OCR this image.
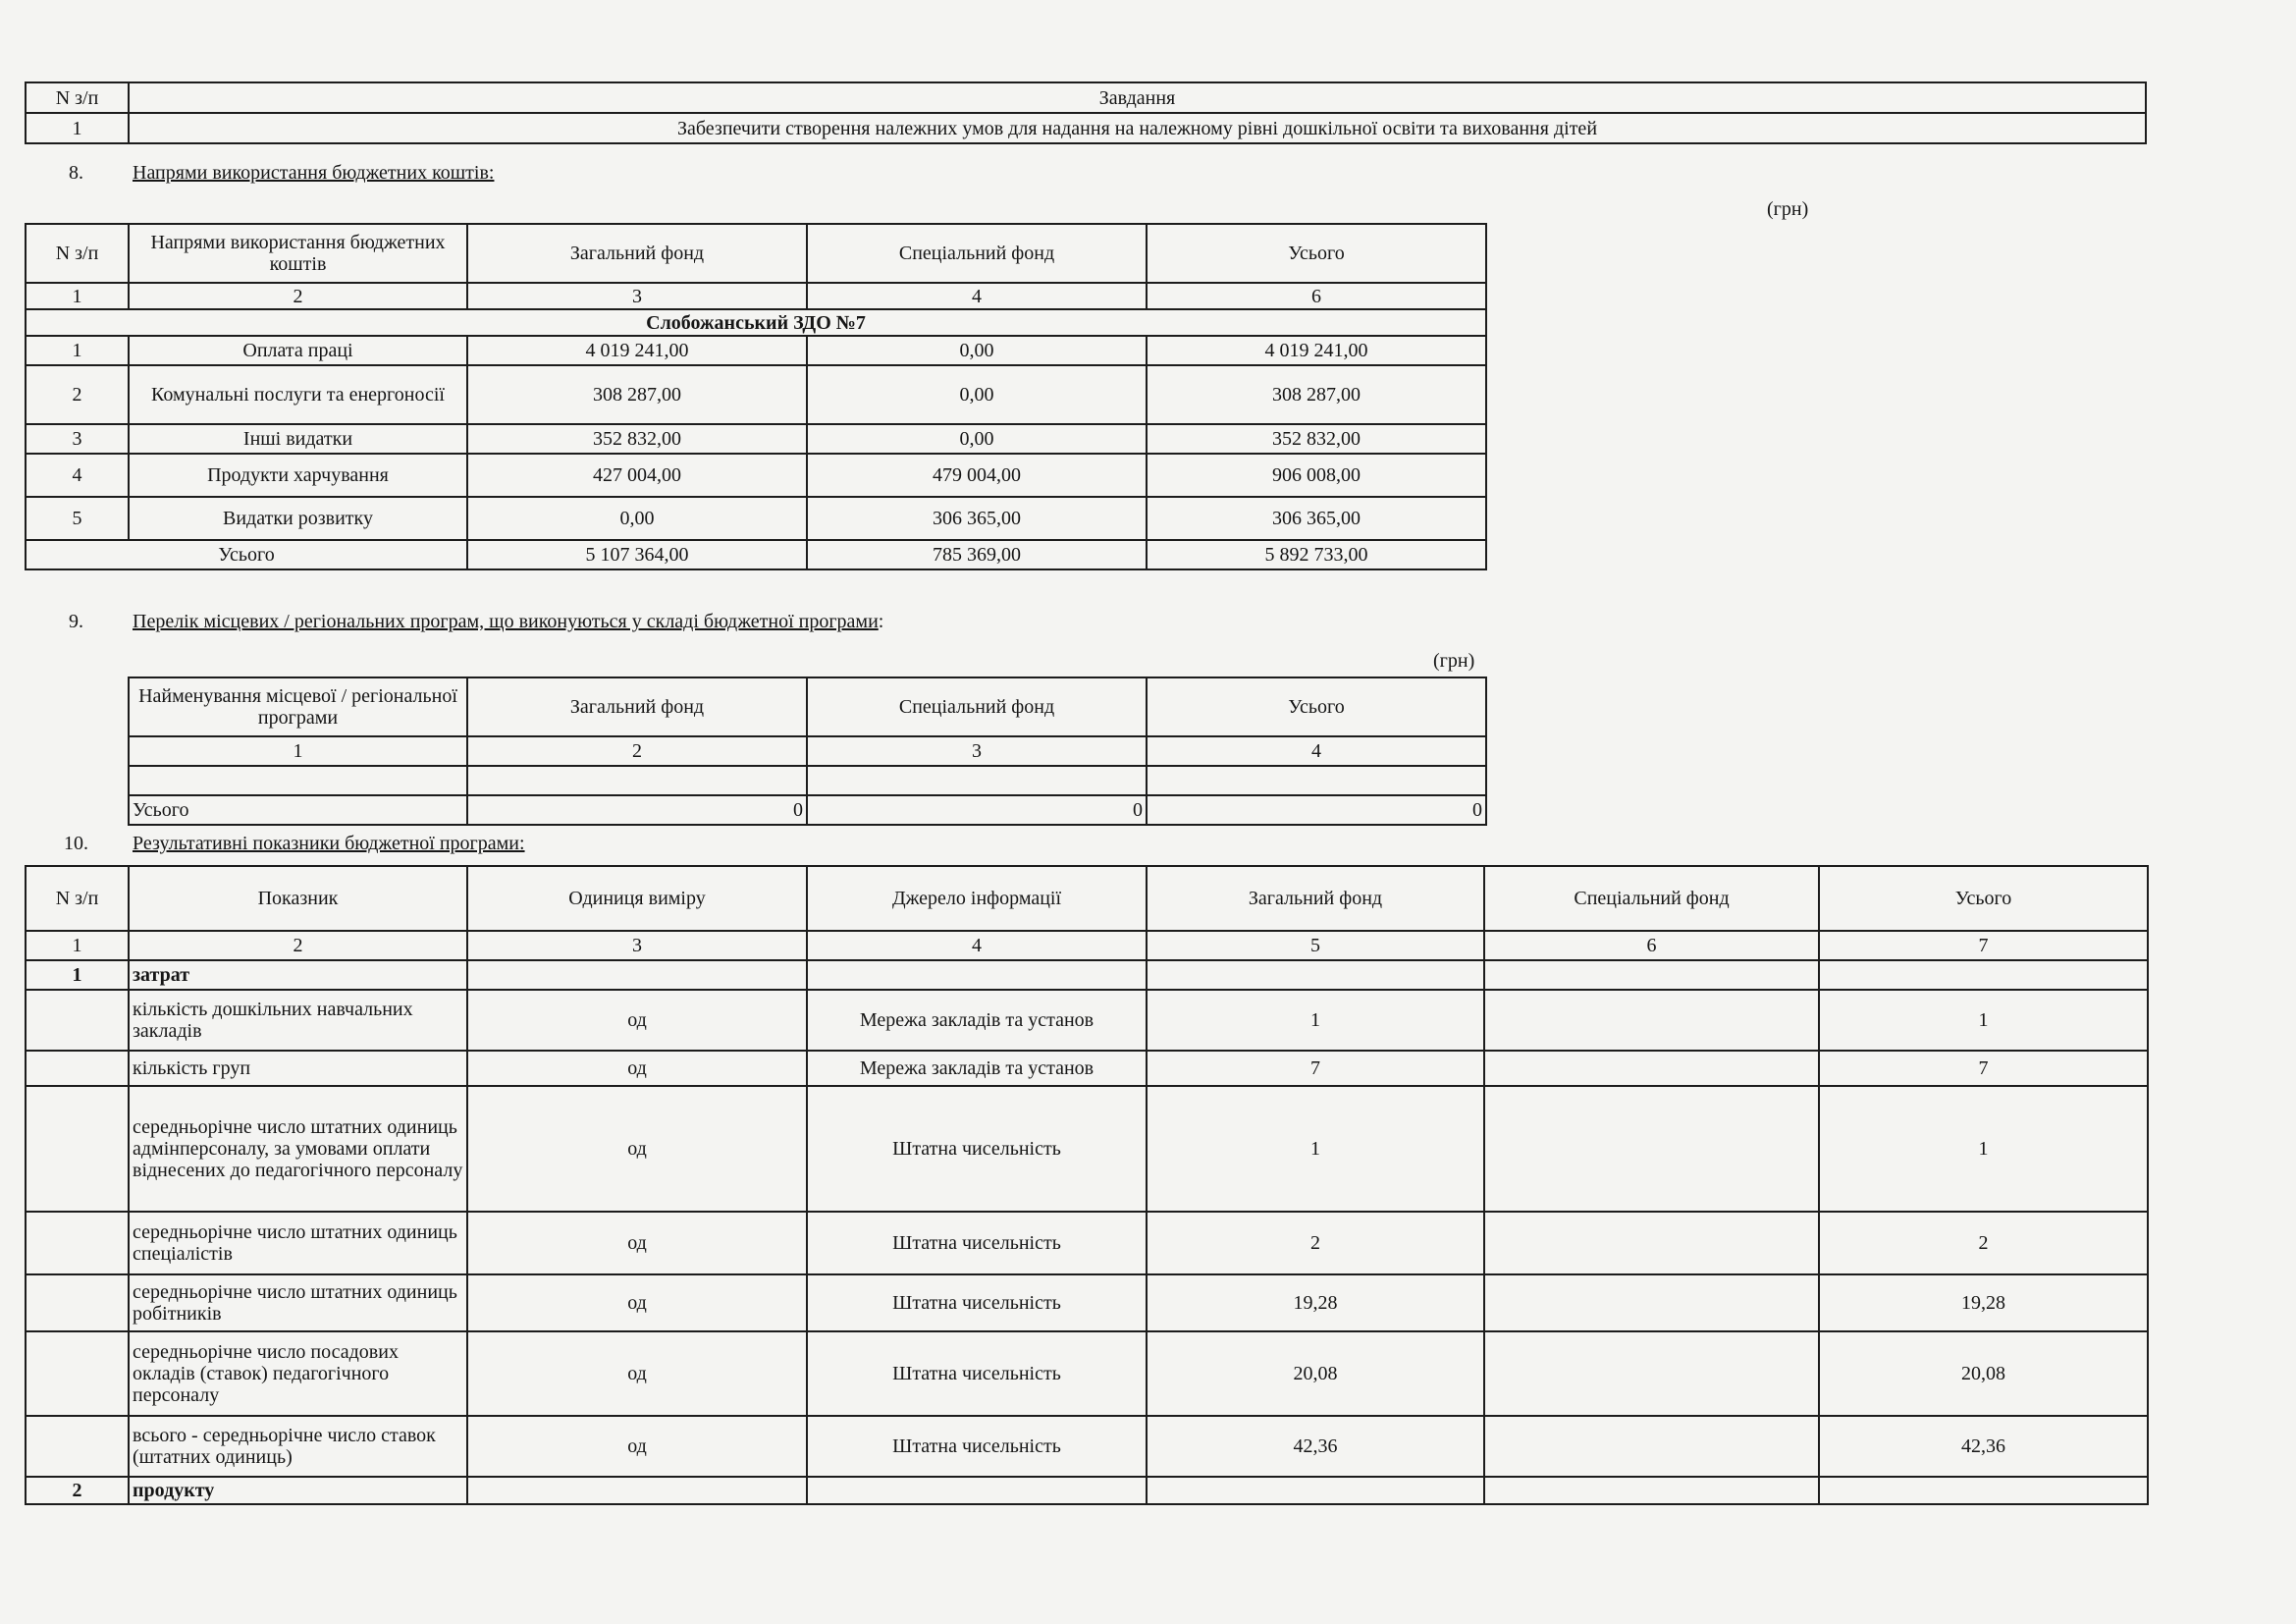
N з/п	Завдання
1	Забезпечити створення належних умов для надання на належному рівні дошкільної освіти та виховання дітей
8.	Напрями використання бюджетних коштів:
(грн)
N з/п	Напрями використання бюджетних коштів	Загальний фонд	Спеціальний фонд	Усього
1	2	3	4	6
Слобожанський ЗДО №7				
1	Оплата праці	4 019 241,00	0,00	4 019 241,00
2	Комунальні послуги та енергоносії	308 287,00	0,00	308 287,00
3	Інші видатки	352 832,00	0,00	352 832,00
4	Продукти харчування	427 004,00	479 004,00	906 008,00
5	Видатки розвитку	0,00	306 365,00	306 365,00
Усього		5 107 364,00	785 369,00	5 892 733,00
9.	Перелік місцевих / регіональних програм, що виконуються у складі бюджетної програми:
(грн)
Найменування місцевої / регіональної програми	Загальний фонд	Спеціальний фонд	Усього
1	2	3	4

Усього	0	0	0
10. Результативні показники бюджетної програми:
N з/п	Показник	Одиниця виміру	Джерело інформації	Загальний фонд	Спеціальний фонд	Усього
1	2	3	4	5	6	7
1	затрат					
	кількість дошкільних навчальних закладів	од	Мережа закладів та установ	1		1
	кількість груп	од	Мережа закладів та установ	7		7
	середньорічне число штатних одиниць адмінперсоналу, за умовами оплати віднесених до педагогічного персоналу	од	Штатна чисельність	1		1
	середньорічне число штатних одиниць спеціалістів	од	Штатна чисельність	2		2
	середньорічне число штатних одиниць робітників	од	Штатна чисельність	19,28		19,28
	середньорічне число посадових окладів (ставок) педагогічного персоналу	од	Штатна чисельність	20,08		20,08
	всього - середньорічне число ставок (штатних одиниць)	од	Штатна чисельність	42,36		42,36
2	продукту					
